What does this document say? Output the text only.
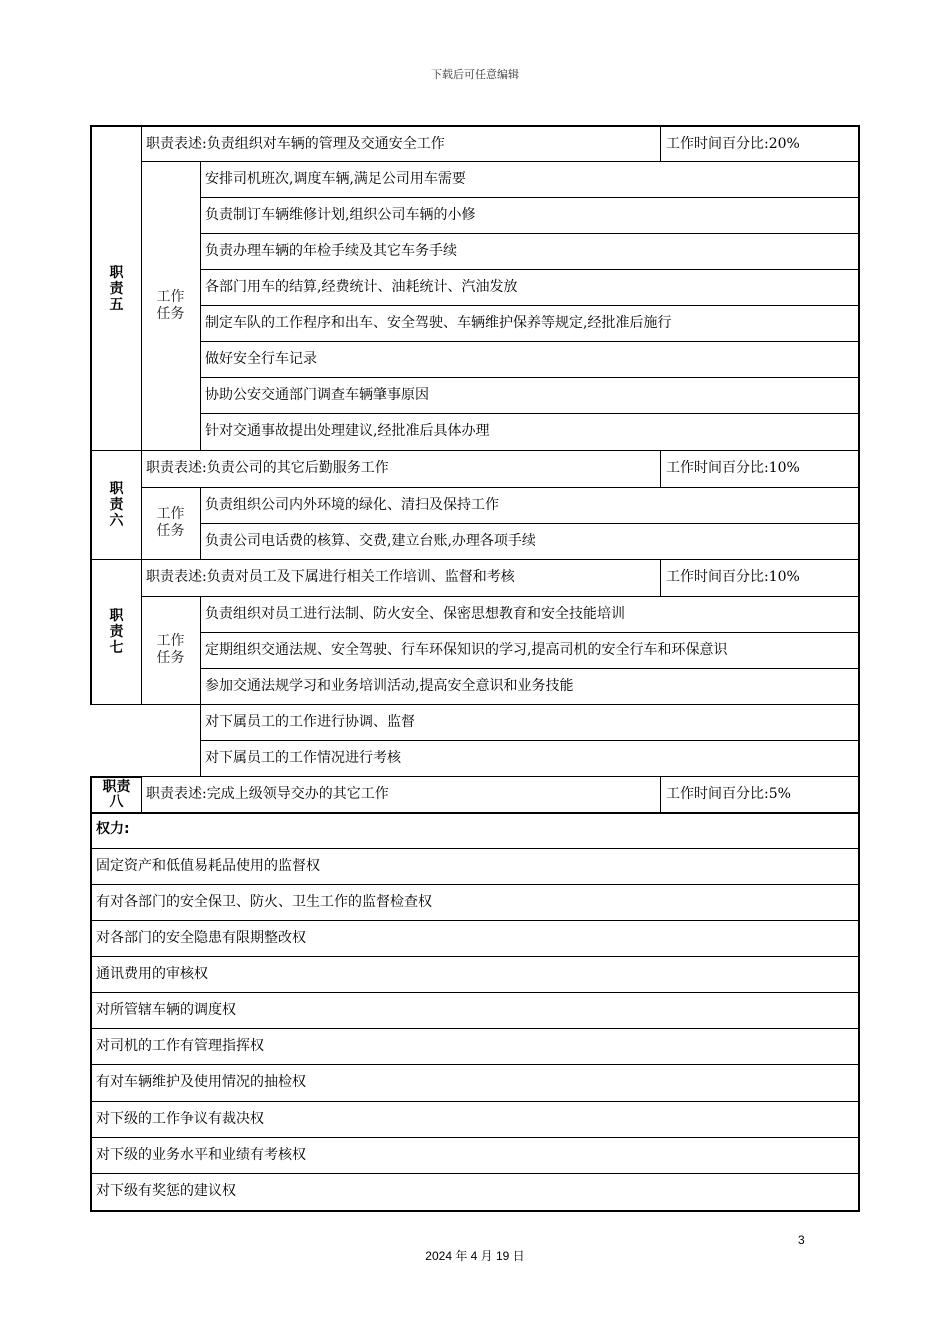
下载后可任意编辑
职责五
职责表述:负责组织对车辆的管理及交通安全工作	工作时间百分比:20%
工作任务
安排司机班次,调度车辆,满足公司用车需要
负责制订车辆维修计划,组织公司车辆的小修
负责办理车辆的年检手续及其它车务手续
各部门用车的结算,经费统计、油耗统计、汽油发放
制定车队的工作程序和出车、安全驾驶、车辆维护保养等规定,经批准后施行
做好安全行车记录
协助公安交通部门调查车辆肇事原因
针对交通事故提出处理建议,经批准后具体办理
职责六
职责表述:负责公司的其它后勤服务工作	工作时间百分比:10%
工作任务
负责组织公司内外环境的绿化、清扫及保持工作
负责公司电话费的核算、交费,建立台账,办理各项手续
职责七
职责表述:负责对员工及下属进行相关工作培训、监督和考核	工作时间百分比:10%
工作任务
负责组织对员工进行法制、防火安全、保密思想教育和安全技能培训
定期组织交通法规、安全驾驶、行车环保知识的学习,提高司机的安全行车和环保意识
参加交通法规学习和业务培训活动,提高安全意识和业务技能
对下属员工的工作进行协调、监督
对下属员工的工作情况进行考核
职责八	职责表述:完成上级领导交办的其它工作	工作时间百分比:5%
权力:
固定资产和低值易耗品使用的监督权
有对各部门的安全保卫、防火、卫生工作的监督检查权
对各部门的安全隐患有限期整改权
通讯费用的审核权
对所管辖车辆的调度权
对司机的工作有管理指挥权
有对车辆维护及使用情况的抽检权
对下级的工作争议有裁决权
对下级的业务水平和业绩有考核权
对下级有奖惩的建议权
3
2024 年 4 月 19 日
